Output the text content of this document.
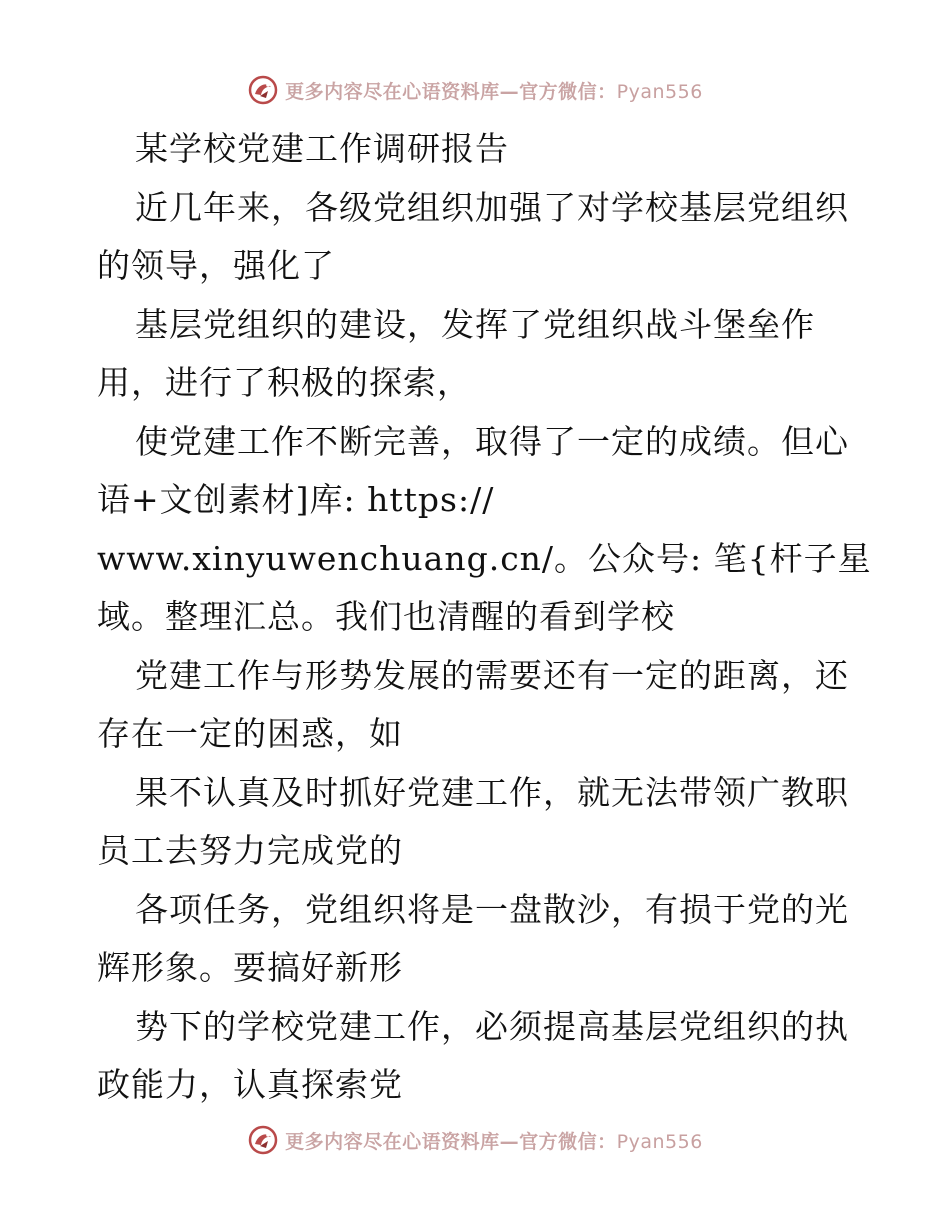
更多内容尽在心语资料库—官方微信：Pyan556
某学校党建工作调研报告
近几年来，各级党组织加强了对学校基层党组织
的领导，强化了
基层党组织的建设，发挥了党组织战斗堡垒作
用，进行了积极的探索，
使党建工作不断完善，取得了一定的成绩。但心
语+文创素材]库: https://
www.xinyuwenchuang.cn/。公众号: 笔{杆子星
域。整理汇总。我们也清醒的看到学校
党建工作与形势发展的需要还有一定的距离，还
存在一定的困惑，如
果不认真及时抓好党建工作，就无法带领广教职
员工去努力完成党的
各项任务，党组织将是一盘散沙，有损于党的光
辉形象。要搞好新形
势下的学校党建工作，必须提高基层党组织的执
政能力，认真探索党
更多内容尽在心语资料库—官方微信：Pyan556
